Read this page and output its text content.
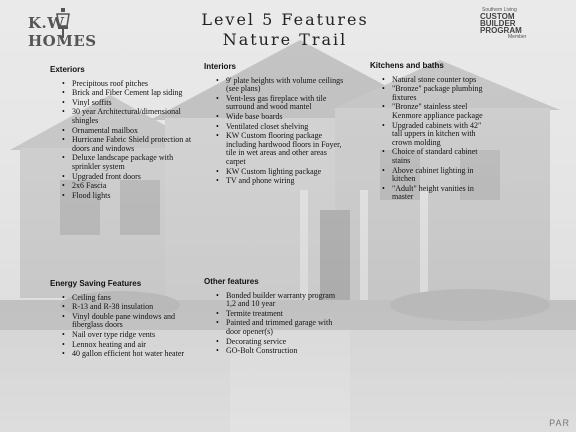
K.W. HOMES
Level 5 Features
Nature Trail
Southern Living
CUSTOM BUILDER PROGRAM
Member
Exteriors
• Precipitous roof pitches
• Brick and Fiber Cement lap siding
• Vinyl soffits
• 30 year Architectural/dimensional shingles
• Ornamental mailbox
• Hurricane Fabric Shield protection at doors and windows
• Deluxe landscape package with sprinkler system
• Upgraded front doors
• 2x6 Fascia
• Flood lights
Interiors
• 9' plate heights with volume ceilings (see plans)
• Vent-less gas fireplace with tile surround and wood mantel
• Wide base boards
• Ventilated closet shelving
• KW Custom flooring package including hardwood floors in Foyer, tile in wet areas and other areas carpet
• KW Custom lighting package
• TV and phone wiring
Kitchens and baths
• Natural stone counter tops
• "Bronze" package plumbing fixtures
• "Bronze" stainless steel Kenmore appliance package
• Upgraded cabinets with 42" tall uppers in kitchen with crown molding
• Choice of standard cabinet stains
• Above cabinet lighting in kitchen
• "Adult" height vanities in master
Energy Saving Features
• Ceiling fans
• R-13 and R-38 insulation
• Vinyl double pane windows and fiberglass doors
• Nail over type ridge vents
• Lennox heating and air
• 40 gallon efficient hot water heater
Other features
• Bonded builder warranty program 1,2 and 10 year
• Termite treatment
• Painted and trimmed garage with door opener(s)
• Decorating service
• GO-Bolt Construction
PAR
